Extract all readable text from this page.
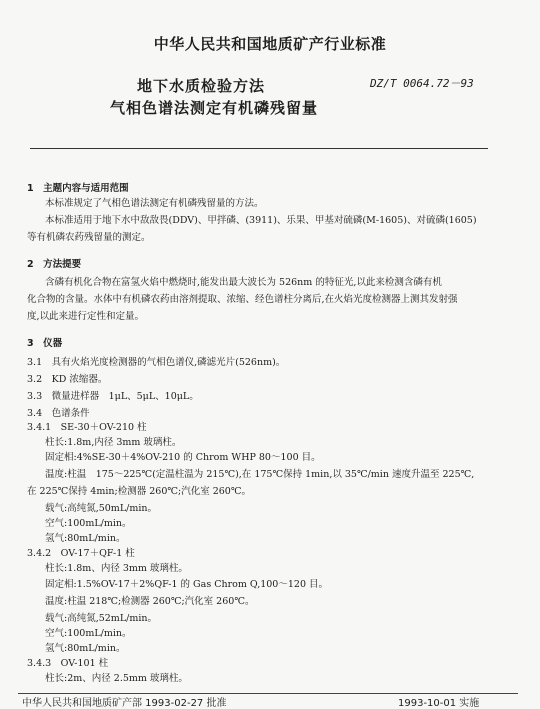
中华人民共和国地质矿产行业标准
地下水质检验方法	DZ/T 0064.72－93
气相色谱法测定有机磷残留量
1　主题内容与适用范围
本标准规定了气相色谱法测定有机磷残留量的方法。
本标准适用于地下水中敌敌畏(DDV)、甲拌磷、(3911)、乐果、甲基对硫磷(M-1605)、对硫磷(1605)
等有机磷农药残留量的测定。
2　方法提要
含磷有机化合物在富氢火焰中燃烧时,能发出最大波长为 526nm 的特征光,以此来检测含磷有机
化合物的含量。水体中有机磷农药由溶剂提取、浓缩、经色谱柱分离后,在火焰光度检测器上测其发射强
度,以此来进行定性和定量。
3　仪器
3.1　具有火焰光度检测器的气相色谱仪,磷滤光片(526nm)。
3.2　KD 浓缩器。
3.3　微量进样器　1μL、5μL、10μL。
3.4　色谱条件
3.4.1　SE-30＋OV-210 柱
柱长:1.8m,内径 3mm 玻璃柱。
固定相:4%SE-30＋4%OV-210 的 Chrom WHP 80～100 目。
温度:柱温　175～225℃(定温柱温为 215℃),在 175℃保持 1min,以 35℃/min 速度升温至 225℃,
在 225℃保持 4min;检测器 260℃;汽化室 260℃。
载气:高纯氮,50mL/min。
空气:100mL/min。
氢气:80mL/min。
3.4.2　OV-17＋QF-1 柱
柱长:1.8m、内径 3mm 玻璃柱。
固定相:1.5%OV-17＋2%QF-1 的 Gas Chrom Q,100～120 目。
温度:柱温 218℃;检测器 260℃;汽化室 260℃。
载气:高纯氮,52mL/min。
空气:100mL/min。
氢气:80mL/min。
3.4.3　OV-101 柱
柱长:2m、内径 2.5mm 玻璃柱。
中华人民共和国地质矿产部 1993-02-27 批准	1993-10-01 实施
